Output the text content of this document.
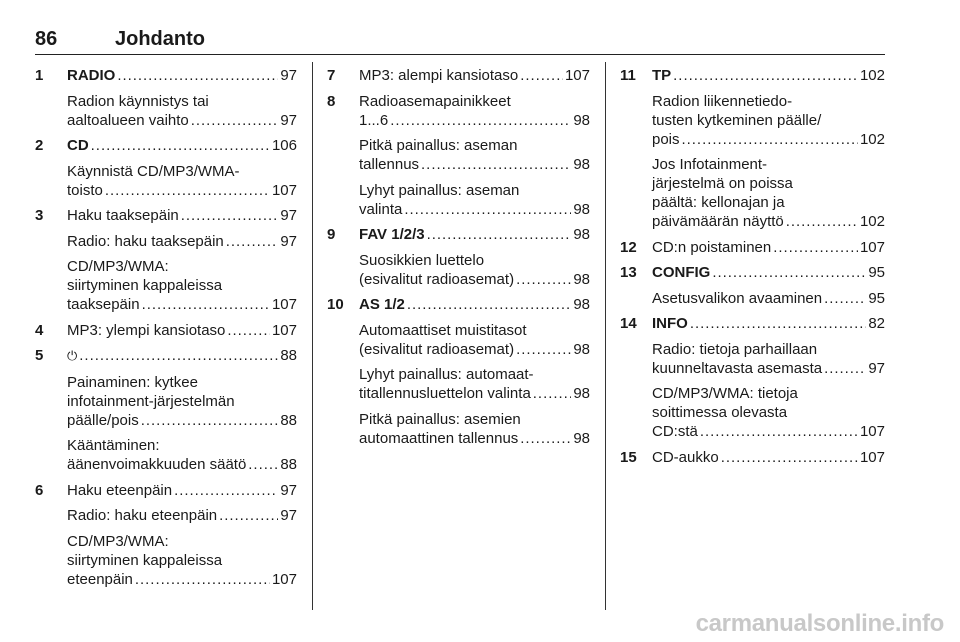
86	Johdanto
1 RADIO . . .	97
Radion käynnistys tai
aaltoalueen vaihto . . .	97
2 CD . . .	106
Käynnistä CD/MP3/WMA-
toisto . . .	107
3 Haku taaksepäin . . .	97
Radio: haku taaksepäin . . .	97
CD/MP3/WMA:
siirtyminen kappaleissa
taaksepäin . . .	107
4 MP3: ylempi kansiotaso . . .	107
5 ⏻ . . .	88
Painaminen: kytkee
infotainment-järjestelmän
päälle/pois . . .	88
Kääntäminen:
äänenvoimakkuuden säätö . . . 88
6 Haku eteenpäin . . .	97
Radio: haku eteenpäin . . .	97
CD/MP3/WMA:
siirtyminen kappaleissa
eteenpäin . . .	107
7 MP3: alempi kansiotaso . . .	107
8 Radioasemapainikkeet
1...6 . . .	98
Pitkä painallus: aseman
tallennus . . .	98
Lyhyt painallus: aseman
valinta . . .	98
9 FAV 1/2/3 . . .	98
Suosikkien luettelo
(esivalitut radioasemat) . . .	98
10 AS 1/2 . . .	98
Automaattiset muistitasot
(esivalitut radioasemat) . . .	98
Lyhyt painallus: automaat-
titallennusluettelon valinta . . .	98
Pitkä painallus: asemien
automaattinen tallennus . . .	98
11 TP . . .	102
Radion liikennetiedo-
tusten kytkeminen päälle/
pois . . .	102
Jos Infotainment-
järjestelmä on poissa
päältä: kellonajan ja
päivämäärän näyttö . . .	102
12 CD:n poistaminen . . .	107
13 CONFIG . . .	95
Asetusvalikon avaaminen . . .	95
14 INFO . . .	82
Radio: tietoja parhaillaan
kuunneltavasta asemasta . . .	97
CD/MP3/WMA: tietoja
soittimessa olevasta
CD:stä . . .	107
15 CD-aukko . . .	107
carmanualsonline.info
